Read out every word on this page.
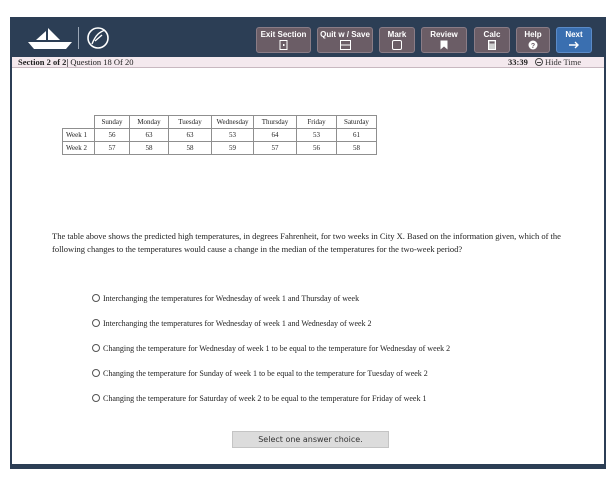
Exit Section	Quit w / Save	Mark	Review	Calc	Help
?
Next
Section 2 of 2| Question 18 Of 20	33:39	Hide Time
	Sunday	Monday	Tuesday	Wednesday	Thursday	Friday	Saturday
Week 1	56	63	63	53	64	53	61
Week 2	57	58	58	59	57	56	58
The table above shows the predicted high temperatures, in degrees Fahrenheit, for two weeks in City X. Based on the information given, which of the following changes to the temperatures would cause a change in the median of the temperatures for the two-week period?
Interchanging the temperatures for Wednesday of week 1 and Thursday of week
Interchanging the temperatures for Wednesday of week 1 and Wednesday of week 2
Changing the temperature for Wednesday of week 1 to be equal to the temperature for Wednesday of week 2
Changing the temperature for Sunday of week 1 to be equal to the temperature for Tuesday of week 2
Changing the temperature for Saturday of week 2 to be equal to the temperature for Friday of week 1
Select one answer choice.
